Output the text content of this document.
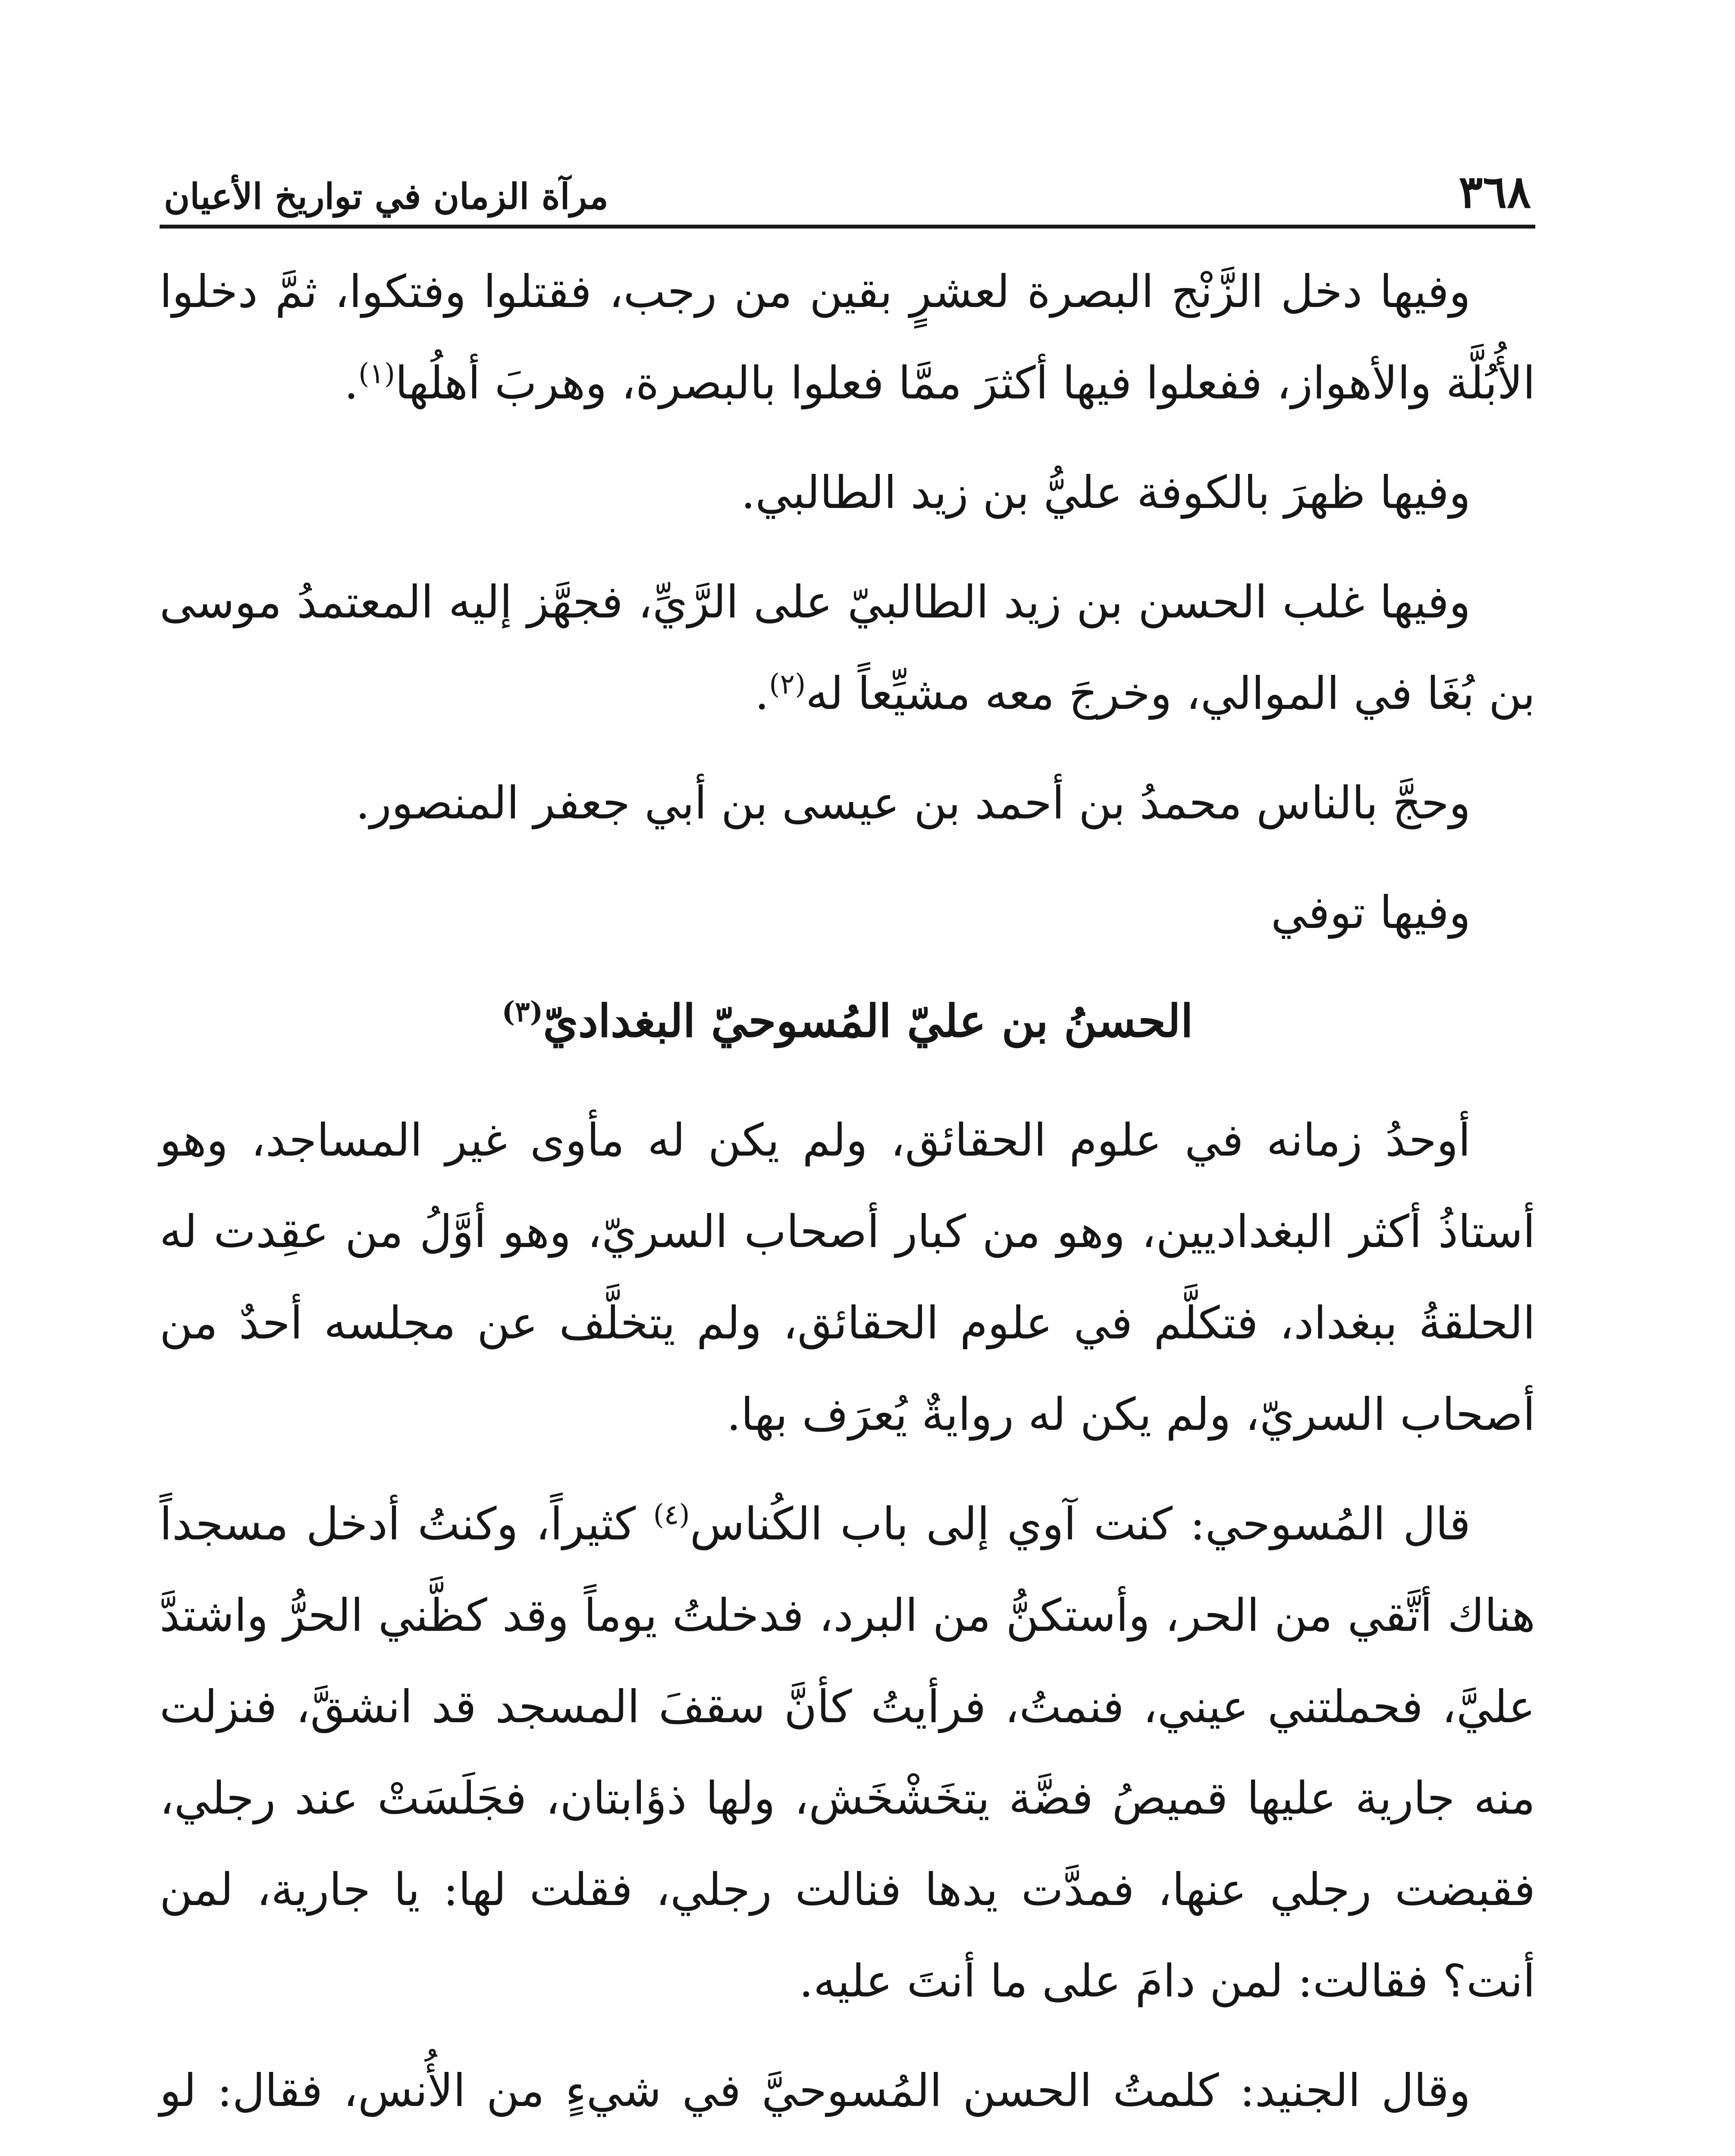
٣٦٨
مرآة الزمان في تواريخ الأعيان

وفيها دخل الزَّنْج البصرة لعشرٍ بقين من رجب، فقتلوا وفتكوا، ثمَّ دخلوا الأُبُلَّة والأهواز، ففعلوا فيها أكثرَ ممَّا فعلوا بالبصرة، وهربَ أهلُها$^{(١)}$.

وفيها ظهرَ بالكوفة عليُّ بن زيد الطالبي.

وفيها غلب الحسن بن زيد الطالبيّ على الرَّيِّ، فجهَّز إليه المعتمدُ موسى بن بُغَا في الموالي، وخرجَ معه مشيِّعاً له$^{(٢)}$.

وحجَّ بالناس محمدُ بن أحمد بن عيسى بن أبي جعفر المنصور.

وفيها توفي

الحسنُ بن عليّ المُسوحيّ البغداديّ$^{(٣)}$

أوحدُ زمانه في علوم الحقائق، ولم يكن له مأوى غير المساجد، وهو أستاذُ أكثر البغداديين، وهو من كبار أصحاب السريّ، وهو أوَّلُ من عقِدت له الحلقةُ ببغداد، فتكلَّم في علوم الحقائق، ولم يتخلَّف عن مجلسه أحدٌ من أصحاب السريّ، ولم يكن له روايةٌ يُعرَف بها.

قال المُسوحي: كنت آوي إلى باب الكُناس$^{(٤)}$ كثيراً، وكنتُ أدخل مسجداً هناك أتَّقي من الحر، وأستكنُّ من البرد، فدخلتُ يوماً وقد كظَّني الحرُّ واشتدَّ عليَّ، فحملتني عيني، فنمتُ، فرأيتُ كأنَّ سقفَ المسجد قد انشقَّ، فنزلت منه جارية عليها قميصُ فضَّة يتخَشْخَش، ولها ذؤابتان، فجَلَسَتْ عند رجلي، فقبضت رجلي عنها، فمدَّت يدها فنالت رجلي، فقلت لها: يا جارية، لمن أنت؟ فقالت: لمن دامَ على ما أنتَ عليه.

وقال الجنيد: كلمتُ الحسن المُسوحيَّ في شيءٍ من الأُنس، فقال: لو
